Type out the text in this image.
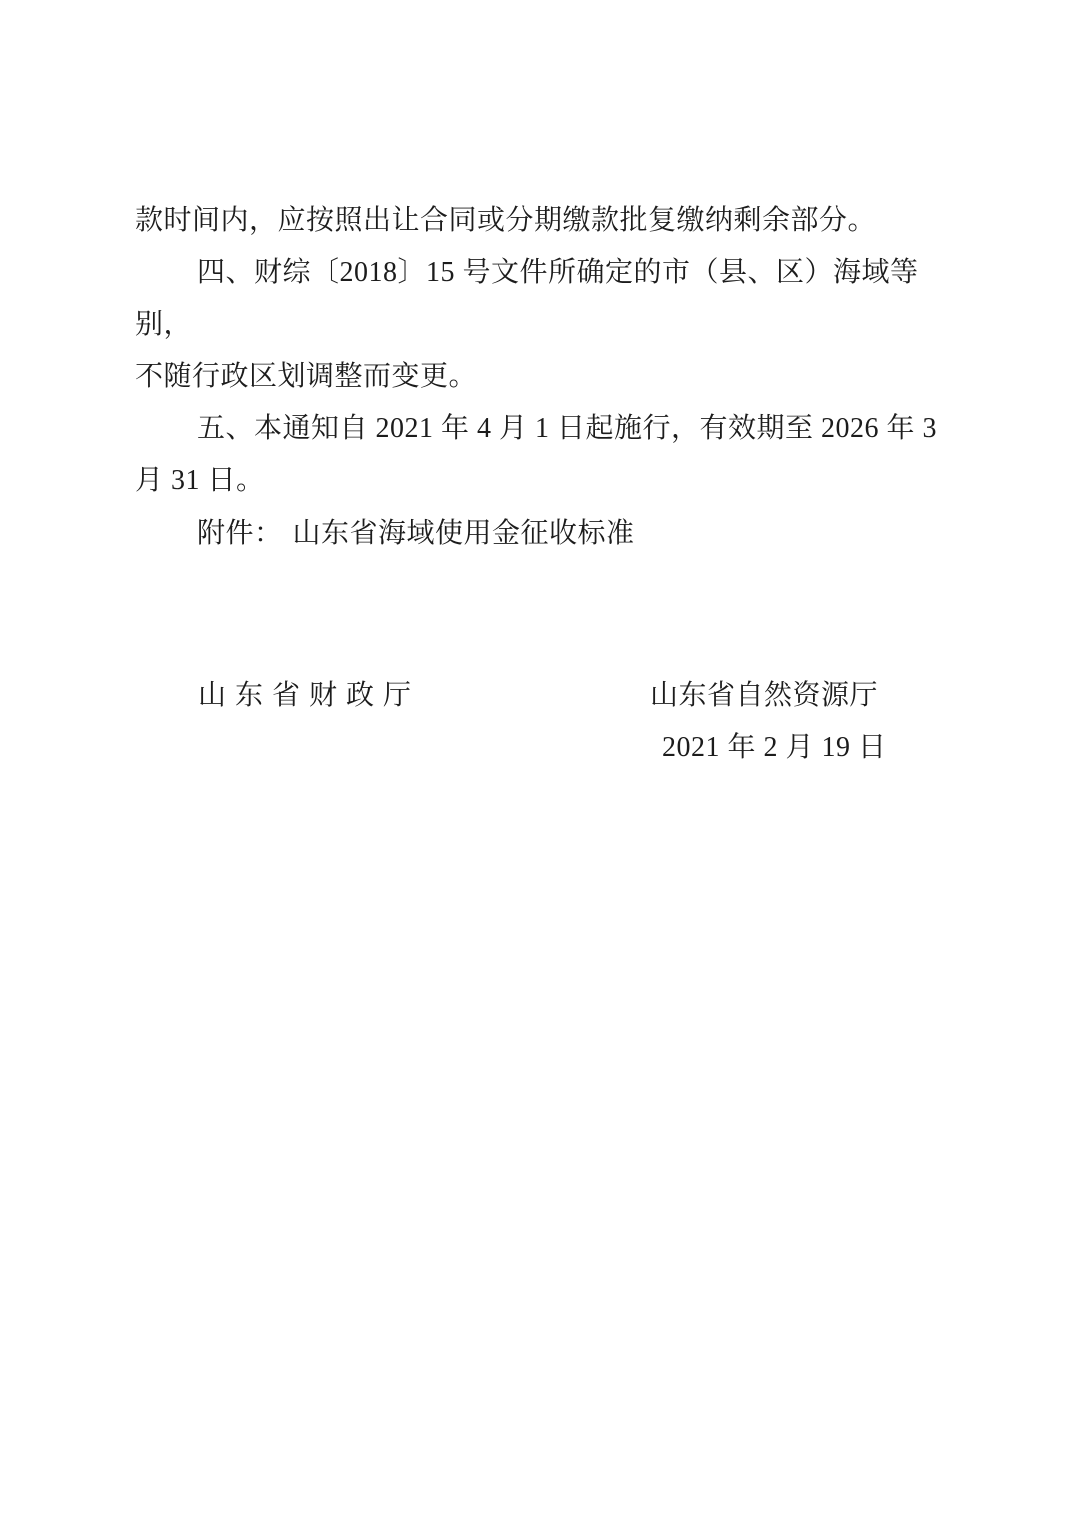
款时间内，应按照出让合同或分期缴款批复缴纳剩余部分。

四、财综〔2018〕15 号文件所确定的市（县、区）海域等别，

不随行政区划调整而变更。

五、本通知自 2021 年 4 月 1 日起施行，有效期至 2026 年 3

月 31 日。

附件： 山东省海域使用金征收标准
山 东 省 财 政 厅	山东省自然资源厅
2021 年 2 月 19 日
